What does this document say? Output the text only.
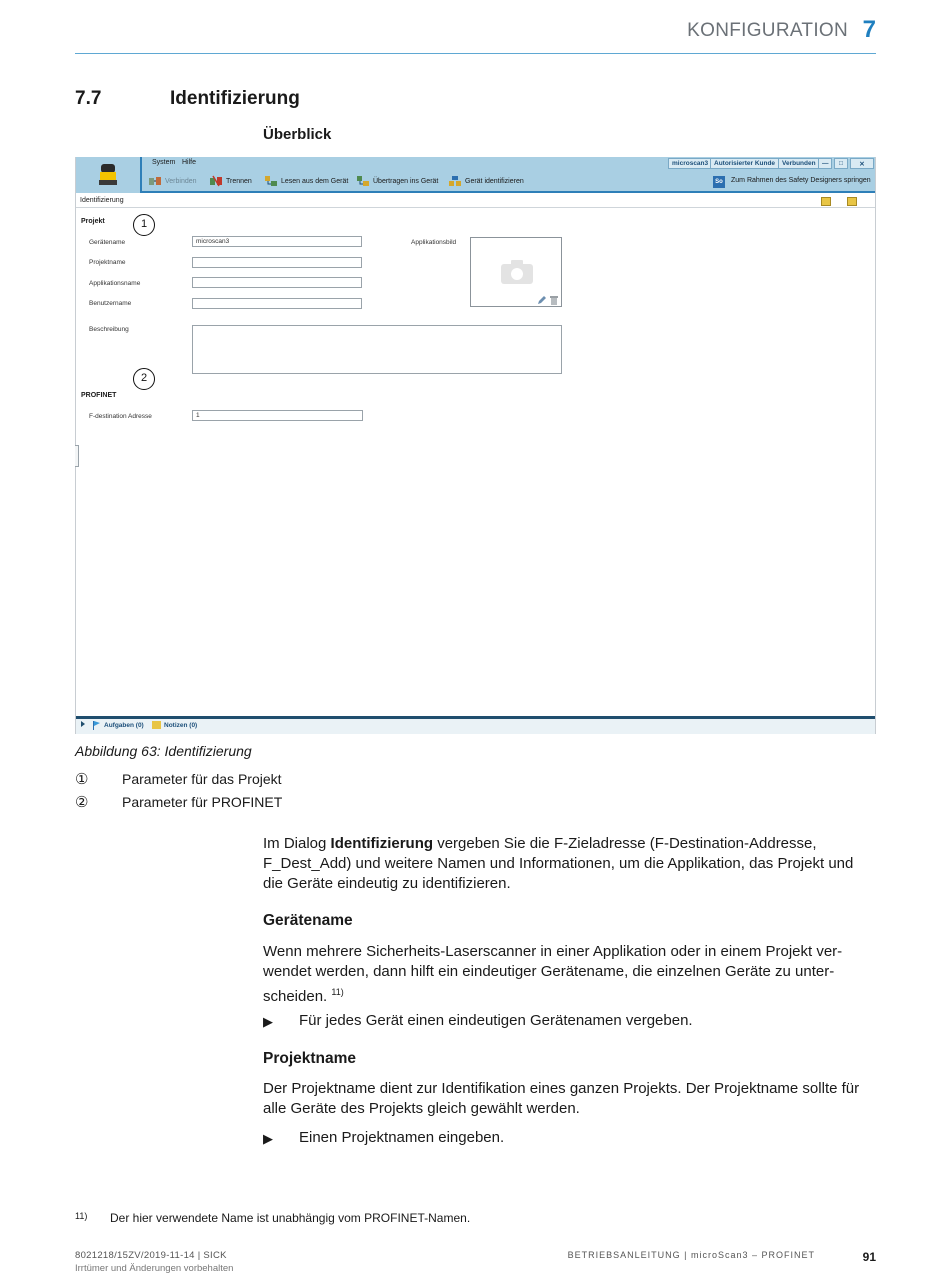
KONFIGURATION 7
7.7	Identifizierung
Überblick
System Hilfe	microscan3 Autorisierter Kunde	Verbunden —	□	✕
Verbinden	Trennen	Lesen aus dem Gerät	Übertragen ins Gerät	Gerät identifizieren	So	Zum Rahmen des Safety Designers springen
Identifizierung
Projekt	1
Gerätename	microscan3
Projektname
Applikationsname
Benutzername
Beschreibung
Applikationsbild
2
PROFINET
F-destination Adresse	1
Aufgaben (0)	Notizen (0)
Abbildung 63: Identifizierung
① Parameter für das Projekt
② Parameter für PROFINET
Im Dialog Identifizierung vergeben Sie die F-Zieladresse (F-Destination-Addresse, F_Dest_Add) und weitere Namen und Informationen, um die Applikation, das Projekt und die Geräte eindeutig zu identifizieren.
Gerätename
Wenn mehrere Sicherheits-Laserscanner in einer Applikation oder in einem Projekt ver-wendet werden, dann hilft ein eindeutiger Gerätename, die einzelnen Geräte zu unter-scheiden. $^{11)}$
▶ Für jedes Gerät einen eindeutigen Gerätenamen vergeben.
Projektname
Der Projektname dient zur Identifikation eines ganzen Projekts. Der Projektname sollte für alle Geräte des Projekts gleich gewählt werden.
▶ Einen Projektnamen eingeben.
11) Der hier verwendete Name ist unabhängig vom PROFINET-Namen.
8021218/15ZV/2019-11-14 | SICK
Irrtümer und Änderungen vorbehalten
BETRIEBSANLEITUNG | microScan3 – PROFINET	91
